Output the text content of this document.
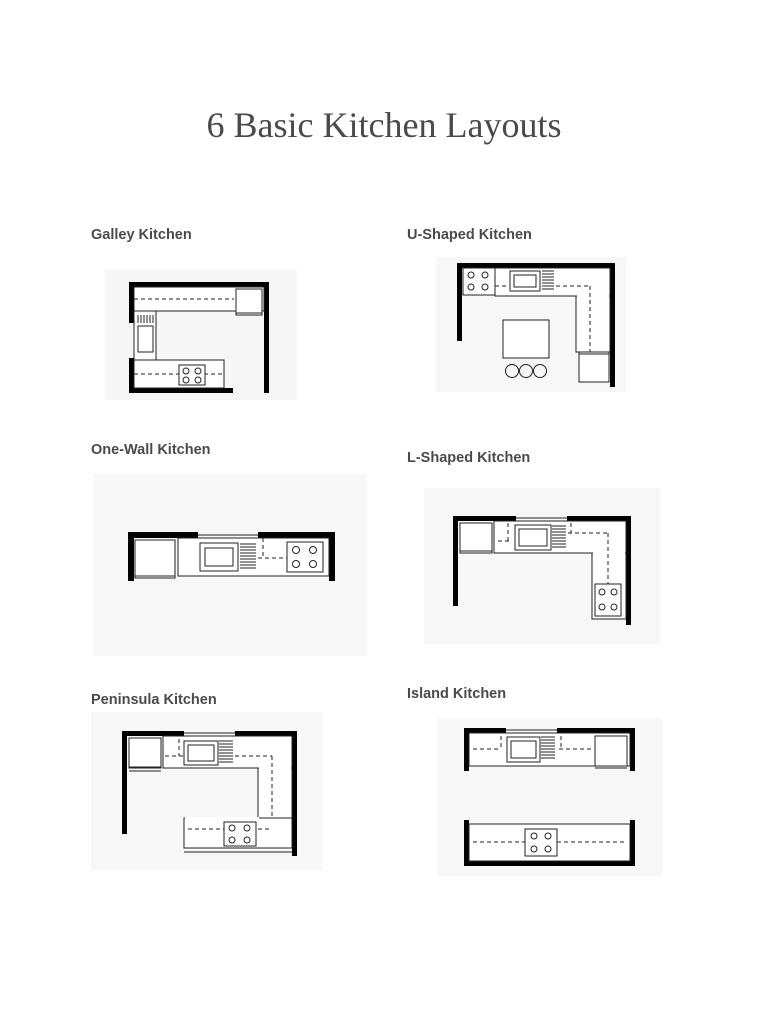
6 Basic Kitchen Layouts
Galley Kitchen	U-Shaped Kitchen
One-Wall Kitchen	L-Shaped Kitchen
Peninsula Kitchen	Island Kitchen
